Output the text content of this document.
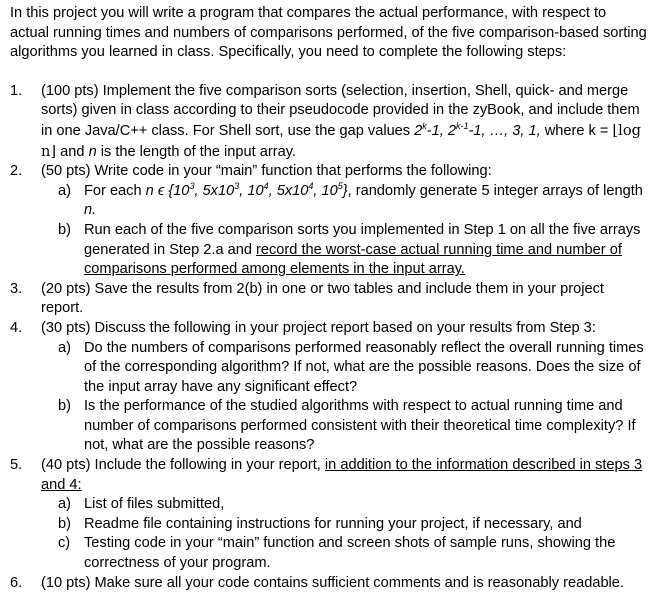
In this project you will write a program that compares the actual performance, with respect to actual running times and numbers of comparisons performed, of the five comparison-based sorting algorithms you learned in class. Specifically, you need to complete the following steps:

1.	(100 pts) Implement the five comparison sorts (selection, insertion, Shell, quick- and merge sorts) given in class according to their pseudocode provided in the zyBook, and include them in one Java/C++ class. For Shell sort, use the gap values 2$^k$-1, 2$^{k-1}$-1, …, 3, 1, where k = ⌊log n⌋ and n is the length of the input array.
2.	(50 pts) Write code in your “main” function that performs the following:
a) For each n ϵ {$10^3$, $5x10^3$, $10^4$, $5x10^4$, $10^5$}, randomly generate 5 integer arrays of length n.
b) Run each of the five comparison sorts you implemented in Step 1 on all the five arrays generated in Step 2.a and record the worst-case actual running time and number of comparisons performed among elements in the input array.
3.	(20 pts) Save the results from 2(b) in one or two tables and include them in your project report.
4.	(30 pts) Discuss the following in your project report based on your results from Step 3:
a) Do the numbers of comparisons performed reasonably reflect the overall running times of the corresponding algorithm? If not, what are the possible reasons. Does the size of the input array have any significant effect?
b) Is the performance of the studied algorithms with respect to actual running time and number of comparisons performed consistent with their theoretical time complexity? If not, what are the possible reasons?
5.	(40 pts) Include the following in your report, in addition to the information described in steps 3 and 4:
a) List of files submitted,
b) Readme file containing instructions for running your project, if necessary, and
c) Testing code in your “main” function and screen shots of sample runs, showing the correctness of your program.
6.	(10 pts) Make sure all your code contains sufficient comments and is reasonably readable.
